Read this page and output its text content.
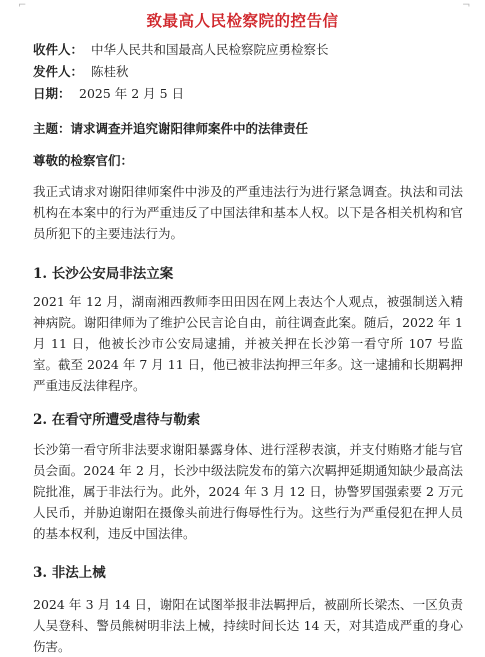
⌐	¬
致最高人民检察院的控告信
收件人： 中华人民共和国最高人民检察院应勇检察长
发件人： 陈桂秋
日期： 2025 年 2 月 5 日
主题：请求调查并追究谢阳律师案件中的法律责任
尊敬的检察官们：
我正式请求对谢阳律师案件中涉及的严重违法行为进行紧急调查。执法和司法机构在本案中的行为严重违反了中国法律和基本人权。以下是各相关机构和官员所犯下的主要违法行为。
1. 长沙公安局非法立案
2021 年 12 月，湖南湘西教师李田田因在网上表达个人观点，被强制送入精神病院。谢阳律师为了维护公民言论自由，前往调查此案。随后，2022 年 1 月 11 日，他被长沙市公安局逮捕，并被关押在长沙第一看守所 107 号监室。截至 2024 年 7 月 11 日，他已被非法拘押三年多。这一逮捕和长期羁押严重违反法律程序。
2. 在看守所遭受虐待与勒索
长沙第一看守所非法要求谢阳暴露身体、进行淫秽表演，并支付贿赂才能与官员会面。2024 年 2 月，长沙中级法院发布的第六次羁押延期通知缺少最高法院批准，属于非法行为。此外，2024 年 3 月 12 日，协警罗国强索要 2 万元人民币，并胁迫谢阳在摄像头前进行侮辱性行为。这些行为严重侵犯在押人员的基本权利，违反中国法律。
3. 非法上械
2024 年 3 月 14 日，谢阳在试图举报非法羁押后，被副所长梁杰、一区负责人吴登科、警员熊树明非法上械，持续时间长达 14 天，对其造成严重的身心伤害。
